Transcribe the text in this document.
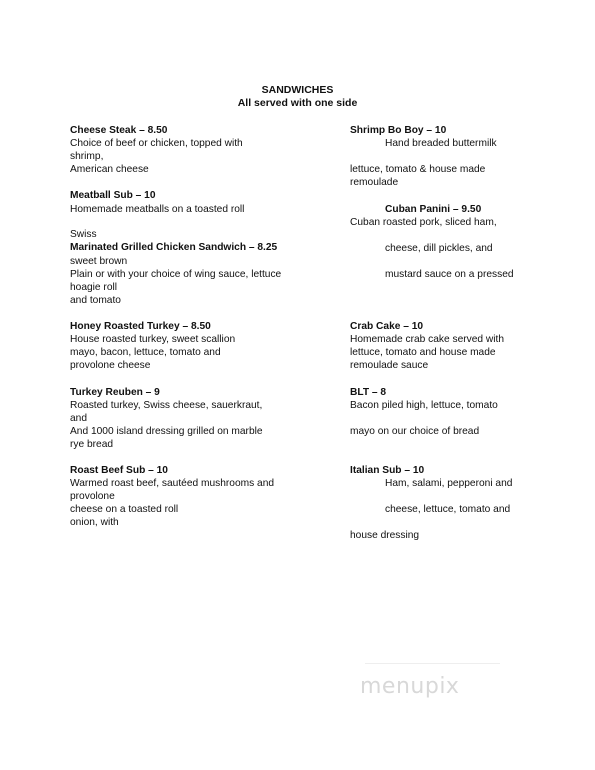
SANDWICHES
All served with one side
Cheese Steak – 8.50
Choice of beef or chicken, topped with
shrimp,
American cheese
Meatball Sub – 10
Homemade meatballs on a toasted roll
Swiss
Marinated Grilled Chicken Sandwich – 8.25
sweet brown
Plain or with your choice of wing sauce, lettuce
hoagie roll
and tomato
Honey Roasted Turkey – 8.50
House roasted turkey, sweet scallion
mayo, bacon, lettuce, tomato and
provolone cheese
Turkey Reuben – 9
Roasted turkey, Swiss cheese, sauerkraut,
and
And 1000 island dressing grilled on marble
rye bread
Roast Beef Sub – 10
Warmed roast beef, sautéed mushrooms and
provolone
cheese on a toasted roll
onion, with
Shrimp Bo Boy – 10
Hand breaded buttermilk
lettuce, tomato & house made
remoulade
Cuban Panini – 9.50
Cuban roasted pork, sliced ham,
cheese, dill pickles, and
mustard sauce on a pressed
Crab Cake – 10
Homemade crab cake served with
lettuce, tomato and house made
remoulade sauce
BLT – 8
Bacon piled high, lettuce, tomato
mayo on our choice of bread
Italian Sub – 10
Ham, salami, pepperoni and
cheese, lettuce, tomato and
house dressing
menupix
